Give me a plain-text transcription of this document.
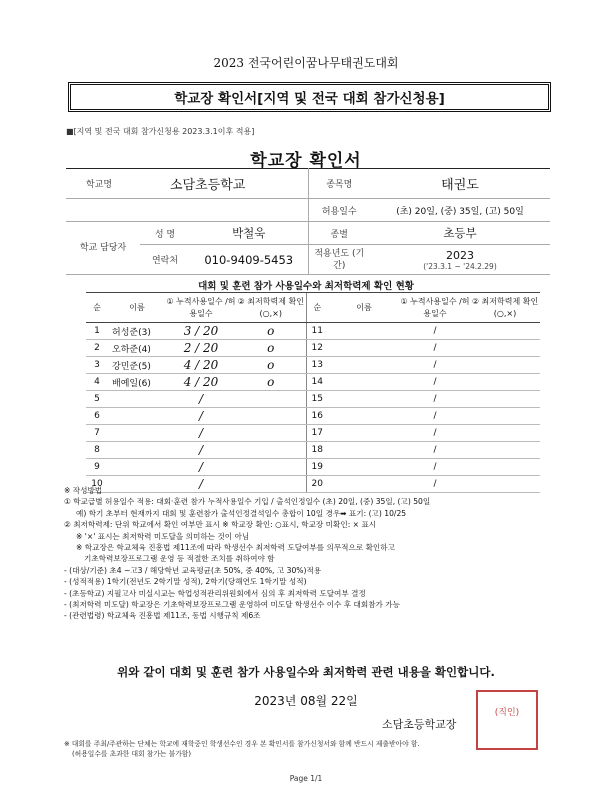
2023 전국어린이꿈나무태권도대회
학교장 확인서[지역 및 전국 대회 참가신청용]
■[지역 및 전국 대회 참가신청용 2023.3.1이후 적용]
학교장 확인서
학교명	소담초등학교		종목명	태권도
			허용일수	(초) 20일, (중) 35일, (고) 50일
학교 담당자	성 명	박철욱	종별	초등부
	연락처	010-9409-5453	적용년도 (기간)	2023
('23.3.1 ~ '24.2.29)
대회 및 훈련 참가 사용일수와 최저학력제 확인 현황
순	이름	① 누적사용일수 /허용일수	② 최저학력제 확인(○,×)	순	이름	① 누적사용일수 /허용일수	② 최저학력제 확인(○,×)
1	허성준(3)	3 / 20	o	11		/	
2	오하준(4)	2 / 20	o	12		/	
3	강민준(5)	4 / 20	o	13		/	
4	배예일(6)	4 / 20	o	14		/	
5		/		15		/	
6		/		16		/	
7		/		17		/	
8		/		18		/	
9		/		19		/	
10		/		20		/	
※ 작성방법
① 학교급별 허용일수 적용: 대회·훈련 참가 누적사용일수 기입 / 출석인정일수 (초) 20일, (중) 35일, (고) 50일
예) 학기 초부터 현재까지 대회 및 훈련참가 출석인정결석일수 총합이 10일 경우➡ 표기: (고) 10/25
② 최저학력제: 단위 학교에서 확인 여부만 표시 ※ 학교장 확인: ○표시, 학교장 미확인: × 표시
※ '×' 표시는 최저학력 미도달을 의미하는 것이 아님
※ 학교장은 학교체육 진흥법 제11조에 따라 학생선수 최저학력 도달여부를 의무적으로 확인하고
기초학력보장프로그램 운영 등 적절한 조치를 취하여야 함
- (대상/기준) 초4 ~고3 / 해당학년 교육평균(초 50%, 중 40%, 고 30%)적용
- (성적적용) 1학기(전년도 2학기말 성적), 2학기(당해연도 1학기말 성적)
- (초등학교) 지필고사 미실시교는 학업성적관리위원회에서 심의 후 최저학력 도달여부 결정
- (최저학력 미도달) 학교장은 기초학력보장프로그램 운영하여 미도달 학생선수 이수 후 대회참가 가능
- (관련법령) 학교체육 진흥법 제11조, 동법 시행규칙 제6조
위와 같이 대회 및 훈련 참가 사용일수와 최저학력 관련 내용을 확인합니다.
2023년 08월 22일
소담초등학교장
(직인)
※ 대회를 주최/주관하는 단체는 학교에 재학중인 학생선수인 경우 본 확인서를 참가신청서와 함께 반드시 제출받아야 함.
(허용일수를 초과한 대회 참가는 불가함)
Page 1/1
